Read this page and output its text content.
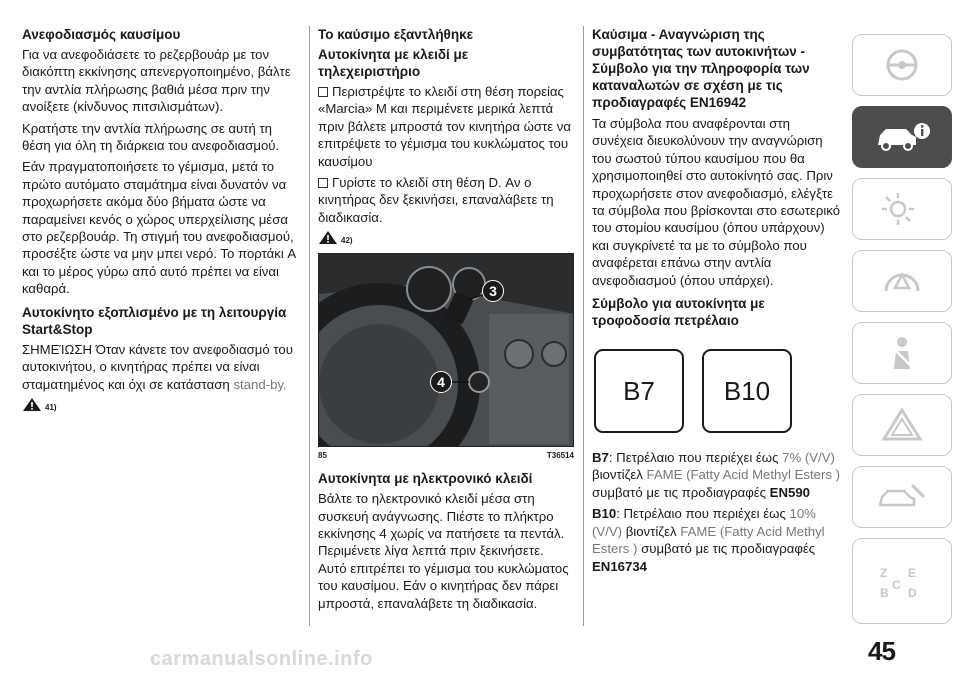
Ανεφοδιασμός καυσίμου

Για να ανεφοδιάσετε το ρεζερβουάρ με τον διακόπτη εκκίνησης απενεργοποιημένο, βάλτε την αντλία πλήρωσης βαθιά μέσα πριν την ανοίξετε (κίνδυνος πιτσιλισμάτων).

Κρατήστε την αντλία πλήρωσης σε αυτή τη θέση για όλη τη διάρκεια του ανεφοδιασμού.

Εάν πραγματοποιήσετε το γέμισμα, μετά το πρώτο αυτόματο σταμάτημα είναι δυνατόν να προχωρήσετε ακόμα δύο βήματα ώστε να παραμείνει κενός ο χώρος υπερχείλισης μέσα στο ρεζερβουάρ. Τη στιγμή του ανεφοδιασμού, προσέξτε ώστε να μην μπει νερό. Το πορτάκι A και το μέρος γύρω από αυτό πρέπει να είναι καθαρά.

Αυτοκίνητο εξοπλισμένο με τη λειτουργία Start&Stop

ΣΗΜΕΊΩΣΗ Όταν κάνετε τον ανεφοδιασμό του αυτοκινήτου, ο κινητήρας πρέπει να είναι σταματημένος και όχι σε κατάσταση stand-by.

41)
Το καύσιμο εξαντλήθηκε
Αυτοκίνητα με κλειδί με τηλεχειριστήριο

Περιστρέψτε το κλειδί στη θέση πορείας «Marcia» M και περιμένετε μερικά λεπτά πριν βάλετε μπροστά τον κινητήρα ώστε να επιτρέψετε το γέμισμα του κυκλώματος του καυσίμου

Γυρίστε το κλειδί στη θέση D. Αν ο κινητήρας δεν ξεκινήσει, επαναλάβετε τη διαδικασία.

42)
3
4
85	T36514
Αυτοκίνητα με ηλεκτρονικό κλειδί

Βάλτε το ηλεκτρονικό κλειδί μέσα στη συσκευή ανάγνωσης. Πιέστε το πλήκτρο εκκίνησης 4 χωρίς να πατήσετε τα πεντάλ. Περιμένετε λίγα λεπτά πριν ξεκινήσετε. Αυτό επιτρέπει το γέμισμα του κυκλώματος του καυσίμου. Εάν ο κινητήρας δεν πάρει μπροστά, επαναλάβετε τη διαδικασία.

Καύσιμα - Αναγνώριση της συμβατότητας των αυτοκινήτων - Σύμβολο για την πληροφορία των καταναλωτών σε σχέση με τις προδιαγραφές EN16942

Τα σύμβολα που αναφέρονται στη συνέχεια διευκολύνουν την αναγνώριση του σωστού τύπου καυσίμου που θα χρησιμοποιηθεί στο αυτοκίνητό σας. Πριν προχωρήσετε στον ανεφοδιασμό, ελέγξτε τα σύμβολα που βρίσκονται στο εσωτερικό του στομίου καυσίμου (όπου υπάρχουν) και συγκρίνετέ τα με το σύμβολο που αναφέρεται επάνω στην αντλία ανεφοδιασμού (όπου υπάρχει).

Σύμβολο για αυτοκίνητα με τροφοδοσία πετρέλαιο
B7	B10

B7: Πετρέλαιο που περιέχει έως 7% (V/V) βιοντίζελ FAME (Fatty Acid Methyl Esters ) συμβατό με τις προδιαγραφές EN590

B10: Πετρέλαιο που περιέχει έως 10% (V/V) βιοντίζελ FAME (Fatty Acid Methyl Esters ) συμβατό με τις προδιαγραφές EN16734	Z E
B D
C
45
carmanualsonline.info
